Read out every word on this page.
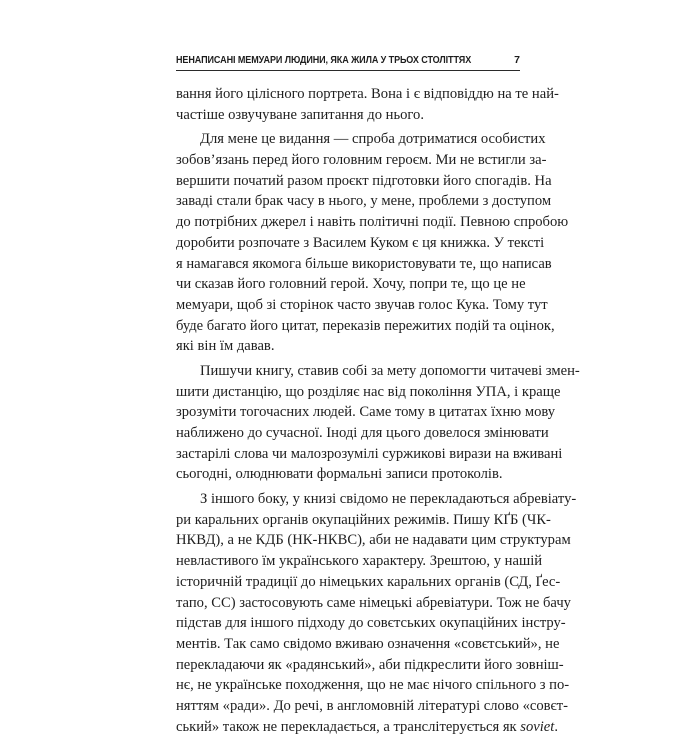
НЕНАПИСАНІ МЕМУАРИ ЛЮДИНИ, ЯКА ЖИЛА У ТРЬОХ СТОЛІТТЯХ	7
вання його цілісного портрета. Вона і є відповіддю на те най-
частіше озвучуване запитання до нього.
Для мене це видання — спроба дотриматися особистих
зобов’язань перед його головним героєм. Ми не встигли за-
вершити початий разом проєкт підготовки його спогадів. На
заваді стали брак часу в нього, у мене, проблеми з доступом
до потрібних джерел і навіть політичні події. Певною спробою
доробити розпочате з Василем Куком є ця книжка. У тексті
я намагався якомога більше використовувати те, що написав
чи сказав його головний герой. Хочу, попри те, що це не
мемуари, щоб зі сторінок часто звучав голос Кука. Тому тут
буде багато його цитат, переказів пережитих подій та оцінок,
які він їм давав.
Пишучи книгу, ставив собі за мету допомогти читачеві змен-
шити дистанцію, що розділяє нас від покоління УПА, і краще
зрозуміти тогочасних людей. Саме тому в цитатах їхню мову
наближено до сучасної. Іноді для цього довелося змінювати
застарілі слова чи малозрозумілі суржикові вирази на вживані
сьогодні, олюднювати формальні записи протоколів.
З іншого боку, у книзі свідомо не перекладаються абревіату-
ри каральних органів окупаційних режимів. Пишу КҐБ (ЧК-
НКВД), а не КДБ (НК-НКВС), аби не надавати цим структурам
невластивого їм українського характеру. Зрештою, у нашій
історичній традиції до німецьких каральних органів (СД, Ґес-
тапо, СС) застосовують саме німецькі абревіатури. Тож не бачу
підстав для іншого підходу до совєтських окупаційних інстру-
ментів. Так само свідомо вживаю означення «совєтський», не
перекладаючи як «радянський», аби підкреслити його зовніш-
нє, не українське походження, що не має нічого спільного з по-
няттям «ради». До речі, в англомовній літературі слово «совєт-
ський» також не перекладається, а транслітерується як soviet.
